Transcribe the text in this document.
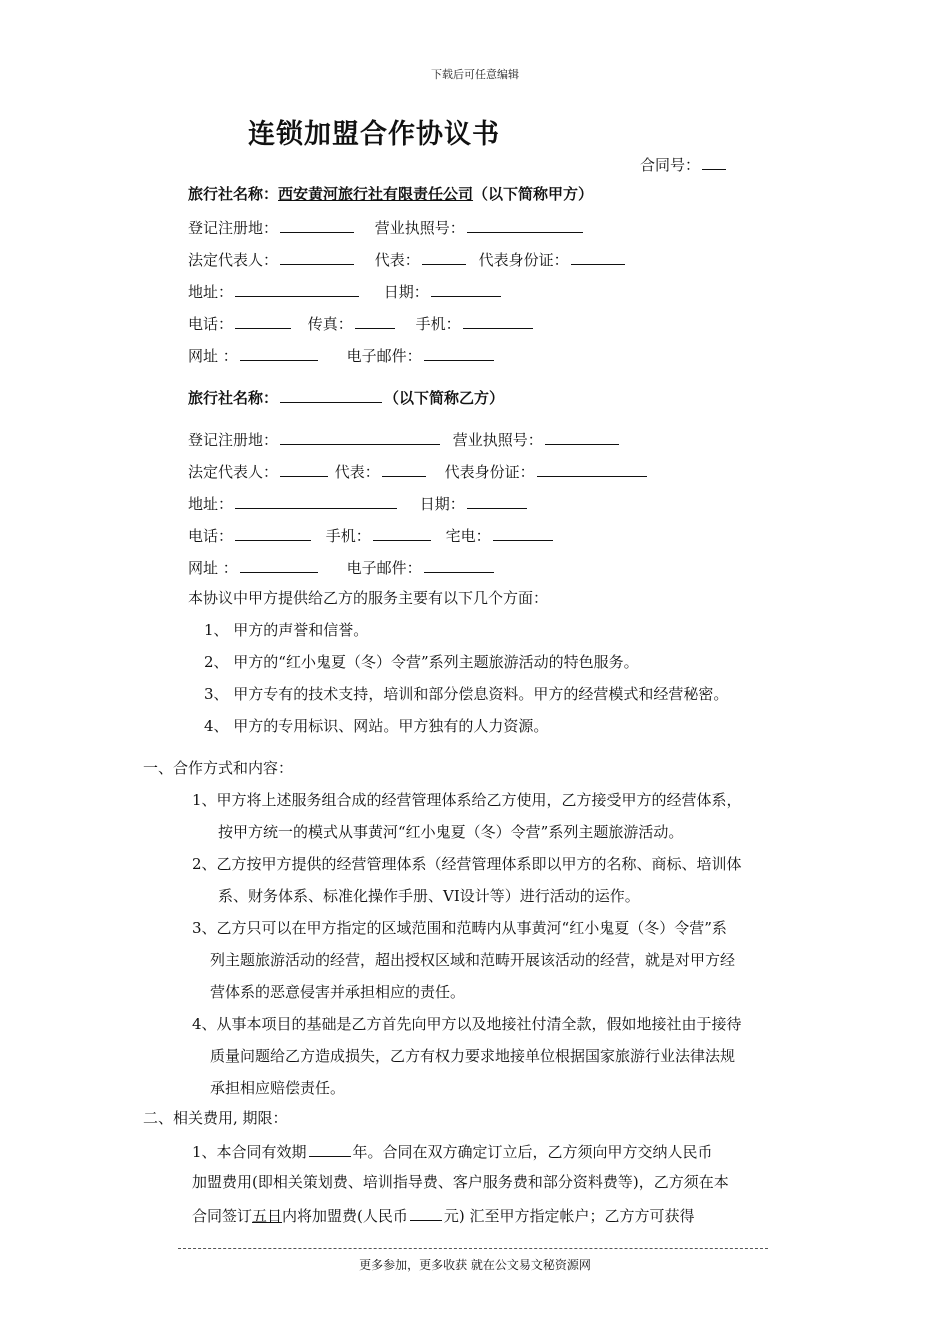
下载后可任意编辑
连锁加盟合作协议书
合同号：
旅行社名称：西安黄河旅行社有限责任公司（以下简称甲方）
登记注册地：	营业执照号：
法定代表人：	代表：	代表身份证：
地址：	日期：
电话：	传真：	手机：
网址 ：	电子邮件：
旅行社名称：	（以下简称乙方）
登记注册地：	营业执照号：
法定代表人：	代表：	代表身份证：
地址：	日期：
电话：	手机：	宅电：
网址 ：	电子邮件：
本协议中甲方提供给乙方的服务主要有以下几个方面：
1、 甲方的声誉和信誉。
2、 甲方的“红小鬼夏（冬）令营”系列主题旅游活动的特色服务。
3、 甲方专有的技术支持，培训和部分偿息资料。甲方的经营模式和经营秘密。
4、 甲方的专用标识、网站。甲方独有的人力资源。
一、合作方式和内容：
1、甲方将上述服务组合成的经营管理体系给乙方使用，乙方接受甲方的经营体系，
按甲方统一的模式从事黄河“红小鬼夏（冬）令营”系列主题旅游活动。
2、乙方按甲方提供的经营管理体系（经营管理体系即以甲方的名称、商标、培训体
系、财务体系、标准化操作手册、VI设计等）进行活动的运作。
3、乙方只可以在甲方指定的区域范围和范畴内从事黄河“红小鬼夏（冬）令营”系
列主题旅游活动的经营，超出授权区域和范畴开展该活动的经营，就是对甲方经
营体系的恶意侵害并承担相应的责任。
4、从事本项目的基础是乙方首先向甲方以及地接社付清全款，假如地接社由于接待
质量问题给乙方造成损失，乙方有权力要求地接单位根据国家旅游行业法律法规
承担相应赔偿责任。
二、相关费用, 期限：
1、本合同有效期	年。合同在双方确定订立后，乙方须向甲方交纳人民币
加盟费用(即相关策划费、培训指导费、客户服务费和部分资料费等)，乙方须在本
合同签订五日内将加盟费(人民币 元) 汇至甲方指定帐户；乙方方可获得
更多参加，更多收获 就在公文易文秘资源网
